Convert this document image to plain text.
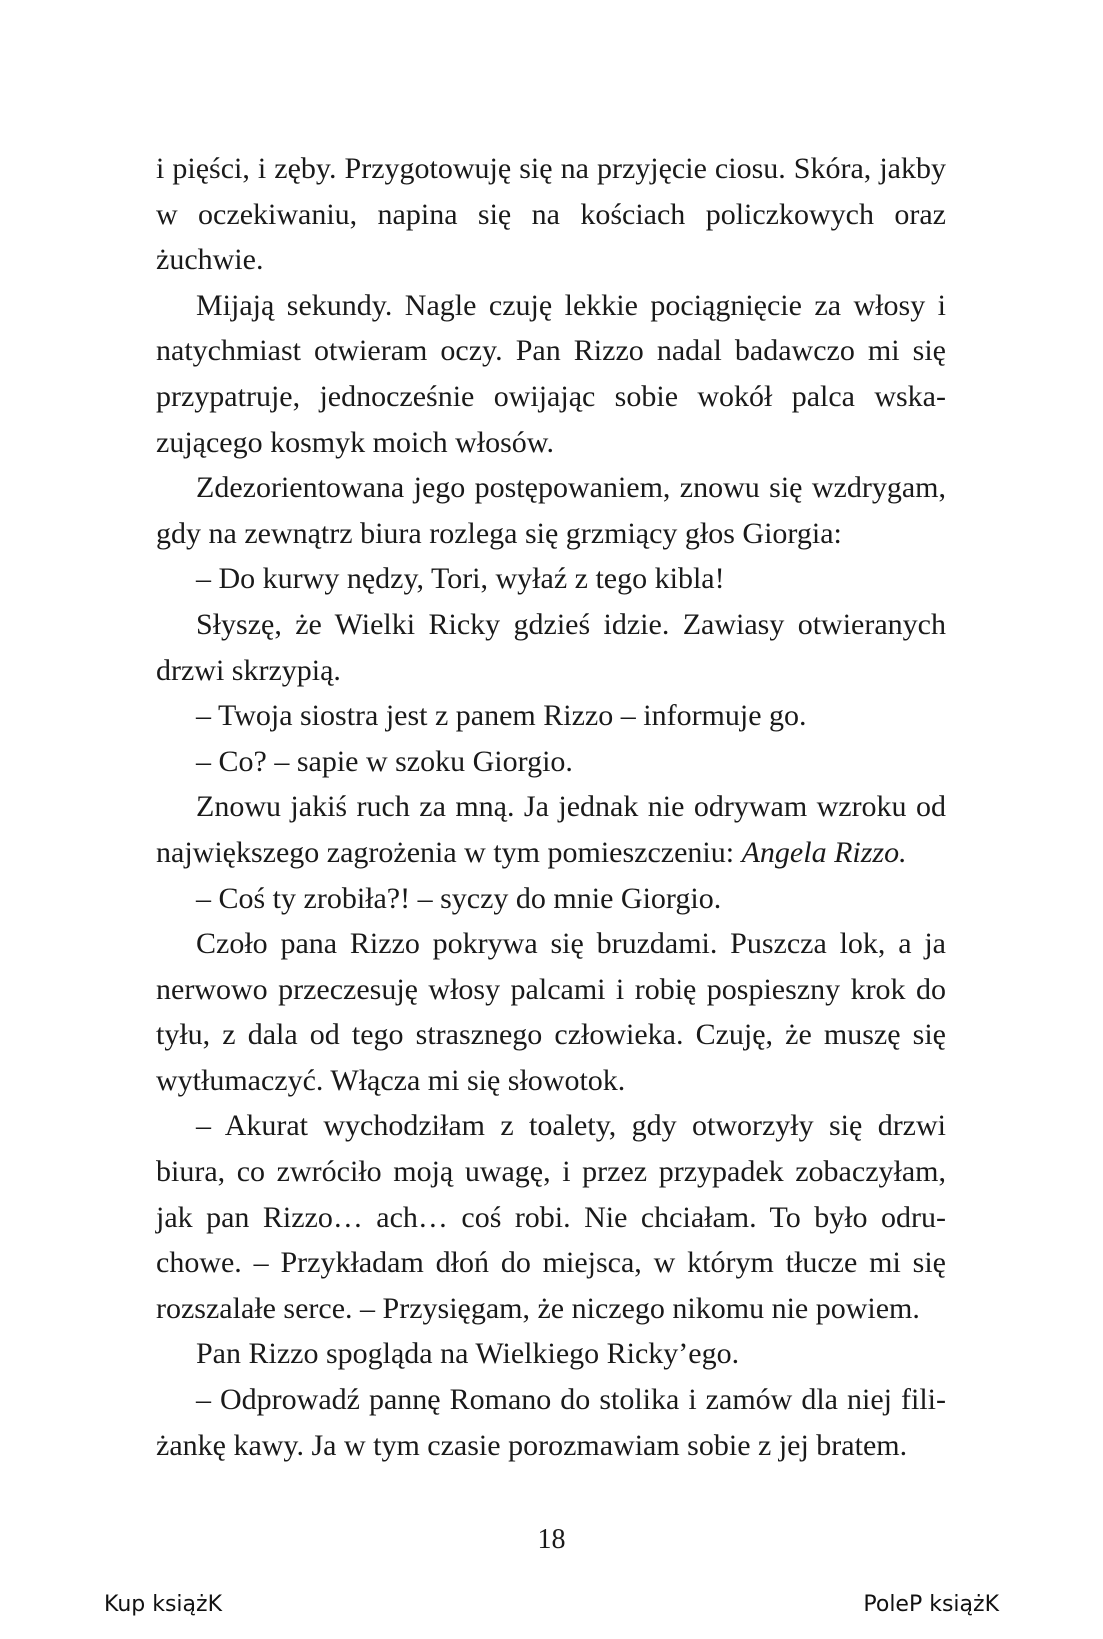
i pięści, i zęby. Przygotowuję się na przyjęcie ciosu. Skóra, jakby w oczekiwaniu, napina się na kościach policzkowych oraz żuchwie.

Mijają sekundy. Nagle czuję lekkie pociągnięcie za włosy i natychmiast otwieram oczy. Pan Rizzo nadal badawczo mi się przypatruje, jednocześnie owijając sobie wokół palca wskazującego kosmyk moich włosów.

Zdezorientowana jego postępowaniem, znowu się wzdrygam, gdy na zewnątrz biura rozlega się grzmiący głos Giorgia:

– Do kurwy nędzy, Tori, wyłaź z tego kibla!

Słyszę, że Wielki Ricky gdzieś idzie. Zawiasy otwieranych drzwi skrzypią.

– Twoja siostra jest z panem Rizzo – informuje go.

– Co? – sapie w szoku Giorgio.

Znowu jakiś ruch za mną. Ja jednak nie odrywam wzroku od największego zagrożenia w tym pomieszczeniu: Angela Rizzo.

– Coś ty zrobiła?! – syczy do mnie Giorgio.

Czoło pana Rizzo pokrywa się bruzdami. Puszcza lok, a ja nerwowo przeczesuję włosy palcami i robię pospieszny krok do tyłu, z dala od tego strasznego człowieka. Czuję, że muszę się wytłumaczyć. Włącza mi się słowotok.

– Akurat wychodziłam z toalety, gdy otworzyły się drzwi biura, co zwróciło moją uwagę, i przez przypadek zobaczyłam, jak pan Rizzo… ach… coś robi. Nie chciałam. To było odruchowe. – Przykładam dłoń do miejsca, w którym tłucze mi się rozszalałe serce. – Przysięgam, że niczego nikomu nie powiem.

Pan Rizzo spogląda na Wielkiego Ricky’ego.

– Odprowadź pannę Romano do stolika i zamów dla niej filiżankę kawy. Ja w tym czasie porozmawiam sobie z jej bratem.

18
Kup książK	PoleP książK
